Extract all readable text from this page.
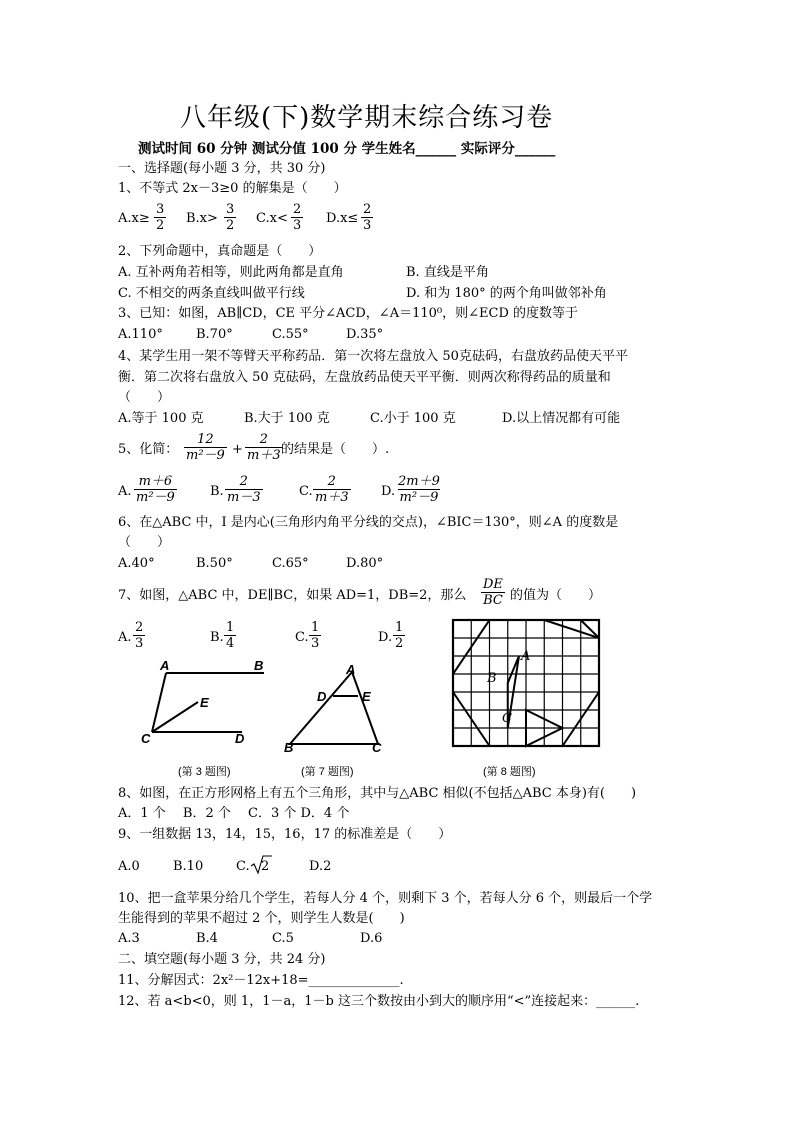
八年级(下)数学期末综合练习卷
测试时间 60 分钟 测试分值 100 分 学生姓名______ 实际评分______
一、选择题(每小题 3 分，共 30 分)
1、不等式 2x－3≥0 的解集是（　　）
$A.x\ge \frac{3}{2} B.x> \frac{3}{2} C.x< \frac{2}{3} D.x\le \frac{2}{3}$
2、下列命题中，真命题是（　　）
A. 互补两角若相等，则此两角都是直角	B. 直线是平角
C. 不相交的两条直线叫做平行线	D. 和为 180° 的两个角叫做邻补角
3、已知：如图，AB∥CD，CE 平分∠ACD，∠A＝110⁰，则∠ECD 的度数等于
A.110°	B.70°	C.55°	D.35°
4、某学生用一架不等臂天平称药品．第一次将左盘放入 50克砝码，右盘放药品使天平平
衡．第二次将右盘放入 50 克砝码，左盘放药品使天平平衡．则两次称得药品的质量和
（　　）
A.等于 100 克	B.大于 100 克	C.小于 100 克	D.以上情况都有可能
5、化简： $\frac{12}{\text{m²－9}} + \frac{2}{m+3}$
的结果是（　　）.
A. $\frac{m+6}{\text{m²－9}}$	B. $\frac{2}{m-3}$	C. $\frac{2}{m+3} D$. $\frac{2m+9}{\text{m²－9}}$
6、在△ABC 中，I 是内心(三角形内角平分线的交点)，∠BIC＝130°，则∠A 的度数是
（　　）
A.40°	B.50°	C.65°	D.80°
7、如图，△ABC 中，DE∥BC，如果 AD=1，DB=2，那么 $\frac{DE}{BC}$ 的值为（　　）
A. $\frac{2}{3}$	B. $\frac{1}{4}$	C. $\frac{1}{3}$	D. $\frac{1}{2}$
A	B
E
C	D
A
D	E
B	C
A
B
C
(第 3 题图)	(第 7 题图)	(第 8 题图)
8、如图，在正方形网格上有五个三角形，其中与△ABC 相似(不包括△ABC 本身)有(　　)
A．1 个　 B．2 个　 C．3 个 D．4 个
9、一组数据 13，14，15，16，17 的标准差是（　　）
A.0	B.10	C. 2	D.2
10、把一盒苹果分给几个学生，若每人分 4 个，则剩下 3 个，若每人分 6 个，则最后一个学
生能得到的苹果不超过 2 个，则学生人数是(　　)
A.3	B.4	C.5	D.6
二、填空题(每小题 3 分，共 24 分)
11、分解因式：2x²－12x+18=______________.
12、若 a<b<0，则 1，1－a，1－b 这三个数按由小到大的顺序用“<”连接起来：______.
